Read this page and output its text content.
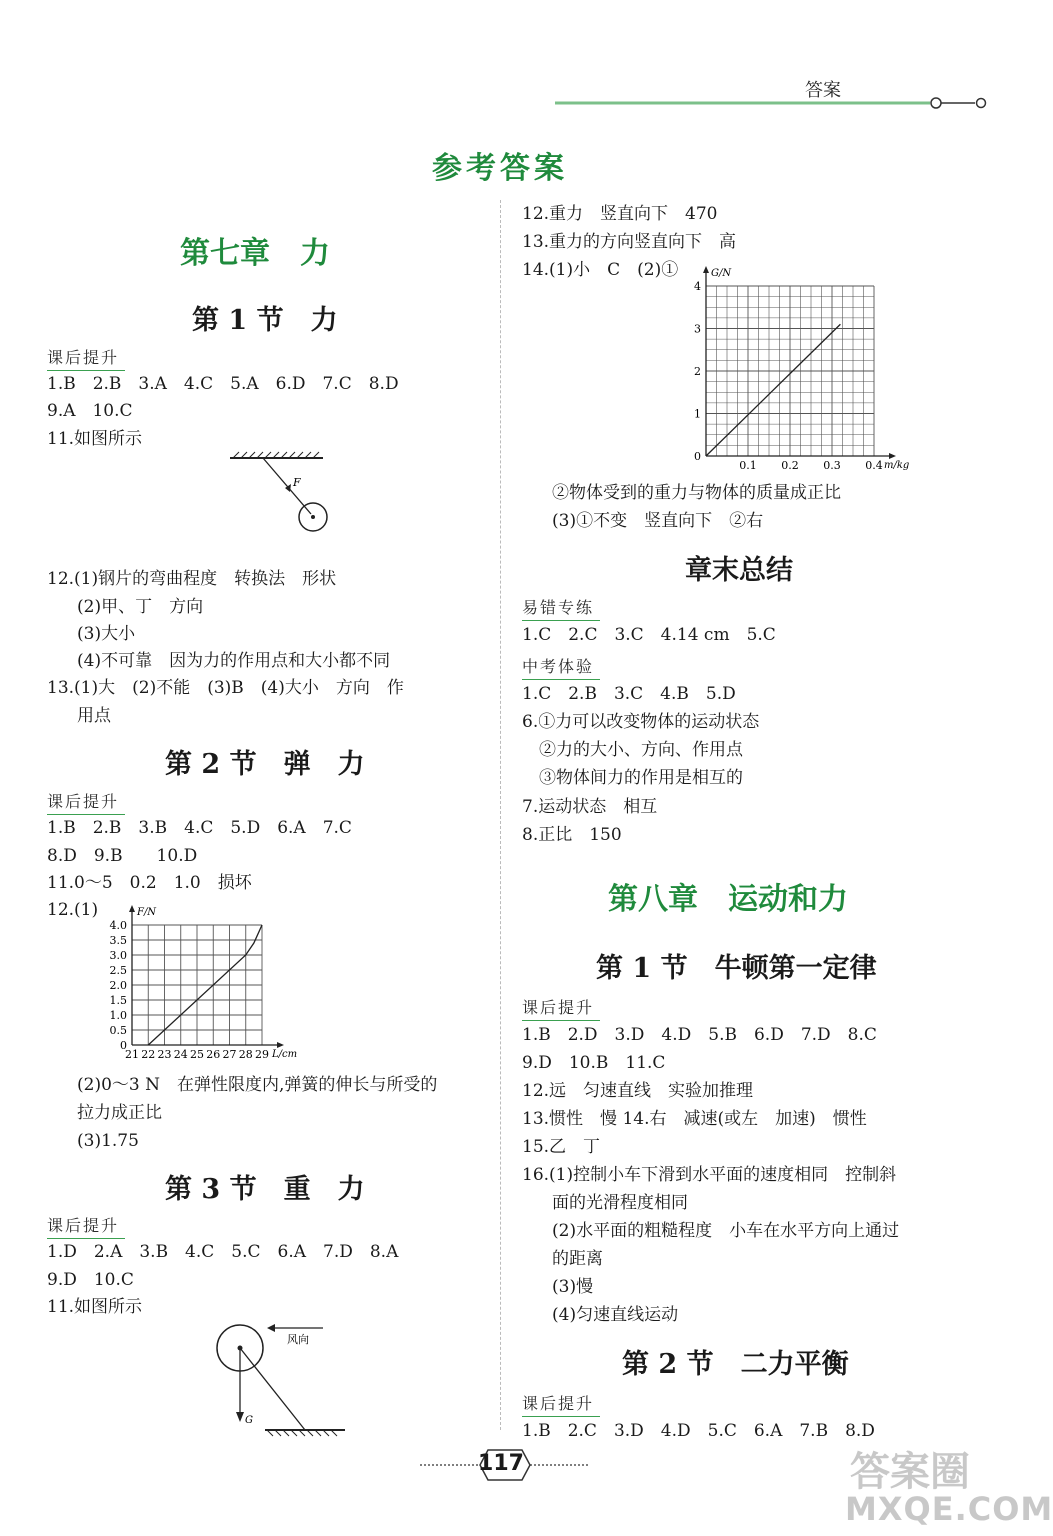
答案
参考答案
第七章　力
第 1 节　力
课后提升
1.B　2.B　3.A　4.C　5.A　6.D　7.C　8.D
9.A　10.C
11.如图所示
F
12.(1)钢片的弯曲程度　转换法　形状
(2)甲、丁　方向
(3)大小
(4)不可靠　因为力的作用点和大小都不同
13.(1)大　(2)不能　(3)B　(4)大小　方向　作
用点
第 2 节　弹　力
课后提升
1.B　2.B　3.B　4.C　5.D　6.A　7.C
8.D　9.B　　10.D
11.0～5　0.2　1.0　损坏
12.(1)
21 22 23 24 25 26 27 28 29
0
0.5
1.0
1.5
2.0
2.5
3.0
3.5
4.0
F/N
L/cm
(2)0～3 N　在弹性限度内,弹簧的伸长与所受的
拉力成正比
(3)1.75
第 3 节　重　力
课后提升
1.D　2.A　3.B　4.C　5.C　6.A　7.D　8.A
9.D　10.C
11.如图所示
G
风向
12.重力　竖直向下　470
13.重力的方向竖直向下　高
14.(1)小　C　(2)①
0.1 0.2 0.3 0.4
0
1
2
3
4
G/N
m/kg
②物体受到的重力与物体的质量成正比
(3)①不变　竖直向下　②右
章末总结
易错专练
1.C　2.C　3.C　4.14 cm　5.C
中考体验
1.C　2.B　3.C　4.B　5.D
6.①力可以改变物体的运动状态
②力的大小、方向、作用点
③物体间力的作用是相互的
7.运动状态　相互
8.正比　150
第八章　运动和力
第 1 节　牛顿第一定律
课后提升
1.B　2.D　3.D　4.D　5.B　6.D　7.D　8.C
9.D　10.B　11.C
12.远　匀速直线　实验加推理
13.惯性　慢 14.右　减速(或左　加速)　惯性
15.乙　丁
16.(1)控制小车下滑到水平面的速度相同　控制斜
面的光滑程度相同
(2)水平面的粗糙程度　小车在水平方向上通过
的距离
(3)慢
(4)匀速直线运动
第 2 节　二力平衡
课后提升
1.B　2.C　3.D　4.D　5.C　6.A　7.B　8.D
117	答案圈
MXQE.COM
